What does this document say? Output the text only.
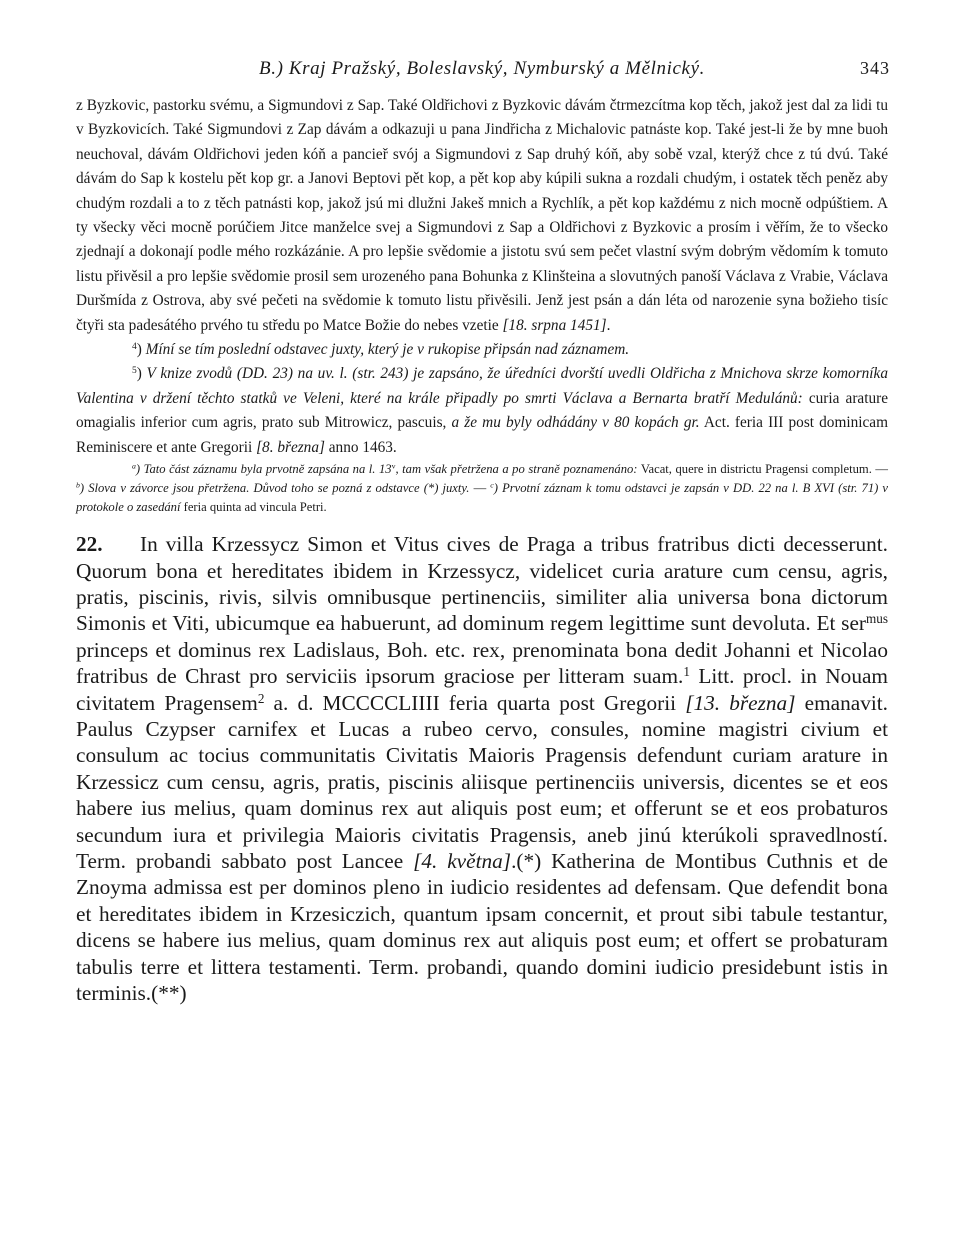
B.) Kraj Pražský, Boleslavský, Nymburský a Mělnický.	343

z Byzkovic, pastorku svému, a Sigmundovi z Sap. Také Oldřichovi z Byzkovic dávám čtrmezcítma kop těch, jakož jest dal za lidi tu v Byzkovicích. Také Sigmundovi z Zap dávám a odkazuji u pana Jindřicha z Michalovic patnáste kop. Také jest-li že by mne buoh neuchoval, dávám Oldřichovi jeden kóň a pancieř svój a Sigmundovi z Sap druhý kóň, aby sobě vzal, kterýž chce z tú dvú. Také dávám do Sap k kostelu pět kop gr. a Janovi Beptovi pět kop, a pět kop aby kúpili sukna a rozdali chudým, i ostatek těch peněz aby chudým rozdali a to z těch patnásti kop, jakož jsú mi dlužni Jakeš mnich a Rychlík, a pět kop každému z nich mocně odpúštiem. A ty všecky věci mocně porúčiem Jitce manželce svej a Sigmundovi z Sap a Oldřichovi z Byzkovic a prosím i věřím, že to všecko zjednají a dokonají podle mého rozkázánie. A pro lepšie svědomie a jistotu svú sem pečet vlastní svým dobrým vědomím k tomuto listu přivěsil a pro lepšie svědomie prosil sem urozeného pana Bohunka z Klinšteina a slovutných panoší Václava z Vrabie, Václava Duršmída z Ostrova, aby své pečeti na svědomie k tomuto listu přivěsili. Jenž jest psán a dán léta od narozenie syna božieho tisíc čtyři sta padesátého prvého tu středu po Matce Božie do nebes vzetie [18. srpna 1451].

$^4$) Míní se tím poslední odstavec juxty, který je v rukopise připsán nad záznamem.

$^5$) V knize zvodů (DD. 23) na uv. l. (str. 243) je zapsáno, že úředníci dvorští uvedli Oldřicha z Mnichova skrze komorníka Valentina v držení těchto statků ve Veleni, které na krále připadly po smrti Václava a Bernarta bratří Medulánů: curia arature omagialis inferior cum agris, prato sub Mitrowicz, pascuis, a že mu byly odhádány v 80 kopách gr. Act. feria III post dominicam Reminiscere et ante Gregorii [8. března] anno 1463.

$^a$) Tato část záznamu byla prvotně zapsána na l. 13$^v$, tam však přetržena a po straně poznamenáno: Vacat, quere in districtu Pragensi completum. — $^b$) Slova v závorce jsou přetržena. Důvod toho se pozná z odstavce (*) juxty. — $^c$) Prvotní záznam k tomu odstavci je zapsán v DD. 22 na l. B XVI (str. 71) v protokole o zasedání feria quinta ad vincula Petri.

22. In villa Krzessycz Simon et Vitus cives de Praga a tribus fratribus dicti decesserunt. Quorum bona et hereditates ibidem in Krzessycz, videlicet curia arature cum censu, agris, pratis, piscinis, rivis, silvis omnibusque pertinenciis, similiter alia universa bona dictorum Simonis et Viti, ubicumque ea habuerunt, ad dominum regem legittime sunt devoluta. Et ser$^{mus}$ princeps et dominus rex Ladislaus, Boh. etc. rex, prenominata bona dedit Johanni et Nicolao fratribus de Chrast pro serviciis ipsorum graciose per litteram suam.$^1$ Litt. procl. in Nouam civitatem Pragensem$^2$ a. d. MCCCCLIIII feria quarta post Gregorii [13. března] emanavit. Paulus Czypser carnifex et Lucas a rubeo cervo, consules, nomine magistri civium et consulum ac tocius communitatis Civitatis Maioris Pragensis defendunt curiam arature in Krzessicz cum censu, agris, pratis, piscinis aliisque pertinenciis universis, dicentes se et eos habere ius melius, quam dominus rex aut aliquis post eum; et offerunt se et eos probaturos secundum iura et privilegia Maioris civitatis Pragensis, aneb jinú kterúkoli spravedlností. Term. probandi sabbato post Lancee [4. května].(*) Katherina de Montibus Cuthnis et de Znoyma admissa est per dominos pleno in iudicio residentes ad defensam. Que defendit bona et hereditates ibidem in Krzesiczich, quantum ipsam concernit, et prout sibi tabule testantur, dicens se habere ius melius, quam dominus rex aut aliquis post eum; et offert se probaturam tabulis terre et littera testamenti. Term. probandi, quando domini iudicio presidebunt istis in terminis.(**)
